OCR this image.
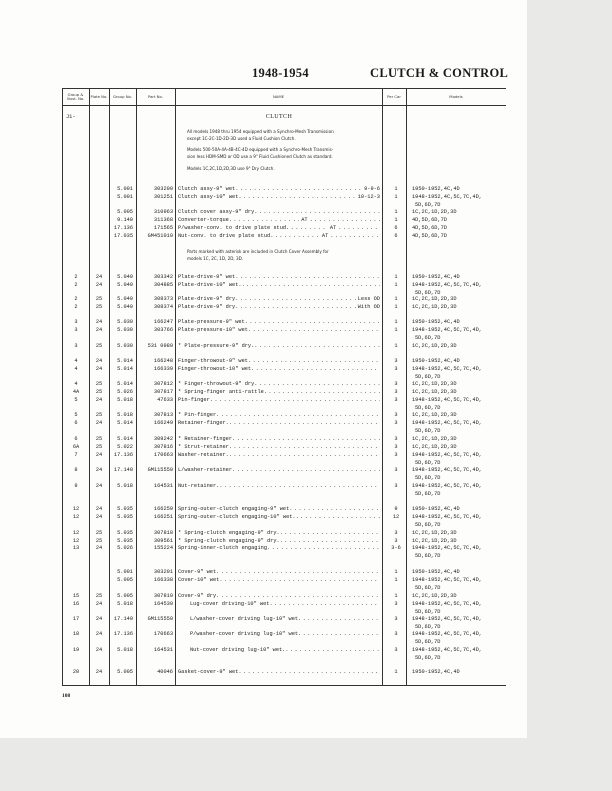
1948-1954	CLUTCH & CONTROL
Group & Illust. No.	Plate No.	Group No.	Part No.	NAME	Per Car	Models
J1-	CLUTCH
All models 1948 thru 1954 equipped with a Synchro-Mesh Transmission
except 1C-2C-1D-2D-3D used a Fluid Cushion Clutch.
Models 500-50A-4A-4B-4C-4D equipped with a Synchro-Mesh Transmis-
sion less HDM-SMD or OD use a 9" Fluid Cushioned Clutch as standard.
Models 1C,2C,1D,2D,3D use 9" Dry Clutch.
Parts marked with asterisk are included in Clutch Cover Assembly for
models 1C, 2C, 1D, 2D, 3D.
5.001	303200 Clutch assy-9" wet . . .	9-9-6	1	1950-1952,4C,4D
5.001	301251 Clutch assy-10" wet . . .	10-12-3	1	1948-1952,4C,5C,7C,4D,
5D,6D,7D
5.005	310963 Clutch cover assy-9" dry . . .	1	1C,2C,1D,2D,3D
9.140	311368 Converter-torque . . .	AT . . .	1	4D,5D,6D,7D
17.136	171565 P/washer-conv. to drive plate stud . . .	AT . . .	6	4D,5D,6D,7D
17.035	GM451010 Nut-conv. to drive plate stud . . .	AT . . .	6	4D,5D,6D,7D
2	24	5.040	303342 Plate-drive-9" wet . . .	1	1950-1952,4C,4D
2	24	5.040	304885 Plate-drive-10" wet. . . .	1	1948-1952,4C,5C,7C,4D,
5D,6D,7D
2	25	5.040	308373 Plate-drive-9" dry . . .	Less OD	1	1C,2C,1D,2D,3D
2	25	5.040	308374 Plate-drive-9" dry . . .	With OD	1	1C,2C,1D,2D,3D
3	24	5.030	166247 Plate-pressure-9" wet . . .	1	1950-1952,4C,4D
3	24	5.030	303766 Plate-pressure-10" wet . . .	1	1948-1952,4C,5C,7C,4D,
5D,6D,7D
3	25	5.030	531 0980 * Plate-pressure-9" dry. . . .	1	1C,2C,1D,2D,3D
4	24	5.014	166248 Finger-throwout-9" wet . . .	3	1950-1952,4C,4D
4	24	5.014	166339 Finger-throwout-10" wet . . .	3	1948-1952,4C,5C,7C,4D,
5D,6D,7D
4	25	5.014	307812 * Finger-throwout-9" dry . . .	3	1C,2C,1D,2D,3D
4A	25	5.026	307817 * Spring-finger anti-rattle . . .	3	1C,2C,1D,2D,3D
5	24	5.018	47633 Pin-finger . . .	3	1948-1952,4C,5C,7C,4D,
5D,6D,7D
5	25	5.018	307813 * Pin-finger . . .	3	1C,2C,1D,2D,3D
6	24	5.014	166249 Retainer-finger. . . .	3	1948-1952,4C,5C,7C,4D,
5D,6D,7D
6	25	5.014	309242 * Retainer-finger . . .	3	1C,2C,1D,2D,3D
6A	25	5.022	307816 * Strut-retainer . . .	3	1C,2C,1D,2D,3D
7	24	17.136	170663 Washer-retainer. . . .	3	1948-1952,4C,5C,7C,4D,
5D,6D,7D
8	24	17.140	GM115550 L/washer-retainer . . .	3	1948-1952,4C,5C,7C,4D,
5D,6D,7D
9	24	5.018	164531 Nut-retainer. . . .	3	1948-1952,4C,5C,7C,4D,
5D,6D,7D
12	24	5.035	166250 Spring-outer-clutch engaging-9" wet . . .	9	1950-1952,4C,4D
12	24	5.035	166251 Spring-outer-clutch engaging-10" wet. . . .	12	1948-1952,4C,5C,7C,4D,
5D,6D,7D
12	25	5.035	307818 * Spring-clutch engaging-9" dry. . . .	3	1C,2C,1D,2D,3D
12	25	5.035	309561 * Spring-clutch engaging-9" dry. . . .	3	1C,2C,1D,2D,3D
13	24	5.026	155224 Spring-inner-clutch engaging . . .	3-6	1948-1952,4C,5C,7C,4D,
5D,6D,7D
5.001	303201 Cover-9" wet . . .	1	1950-1952,4C,4D
5.005	166338 Cover-10" wet . . .	1	1948-1952,4C,5C,7C,4D,
5D,6D,7D
15	25	5.005	307810 Cover-9" dry . . .	1	1C,2C,1D,2D,3D
16	24	5.018	164530	Lug-cover driving-10" wet . . .	3	1948-1952,4C,5C,7C,4D,
5D,6D,7D
17	24	17.140	GM115550	L/washer-cover driving lug-10" wet . . .	3	1948-1952,4C,5C,7C,4D,
5D,6D,7D
18	24	17.136	170663	P/washer-cover driving lug-10" wet . . .	3	1948-1952,4C,5C,7C,4D,
5D,6D,7D
19	24	5.018	164531	Nut-cover driving lug-10" wet. . . .	3	1948-1952,4C,5C,7C,4D,
5D,6D,7D
20	24	5.005	40046 Gasket-cover-9" wet . . .	1	1950-1952,4C,4D
108
